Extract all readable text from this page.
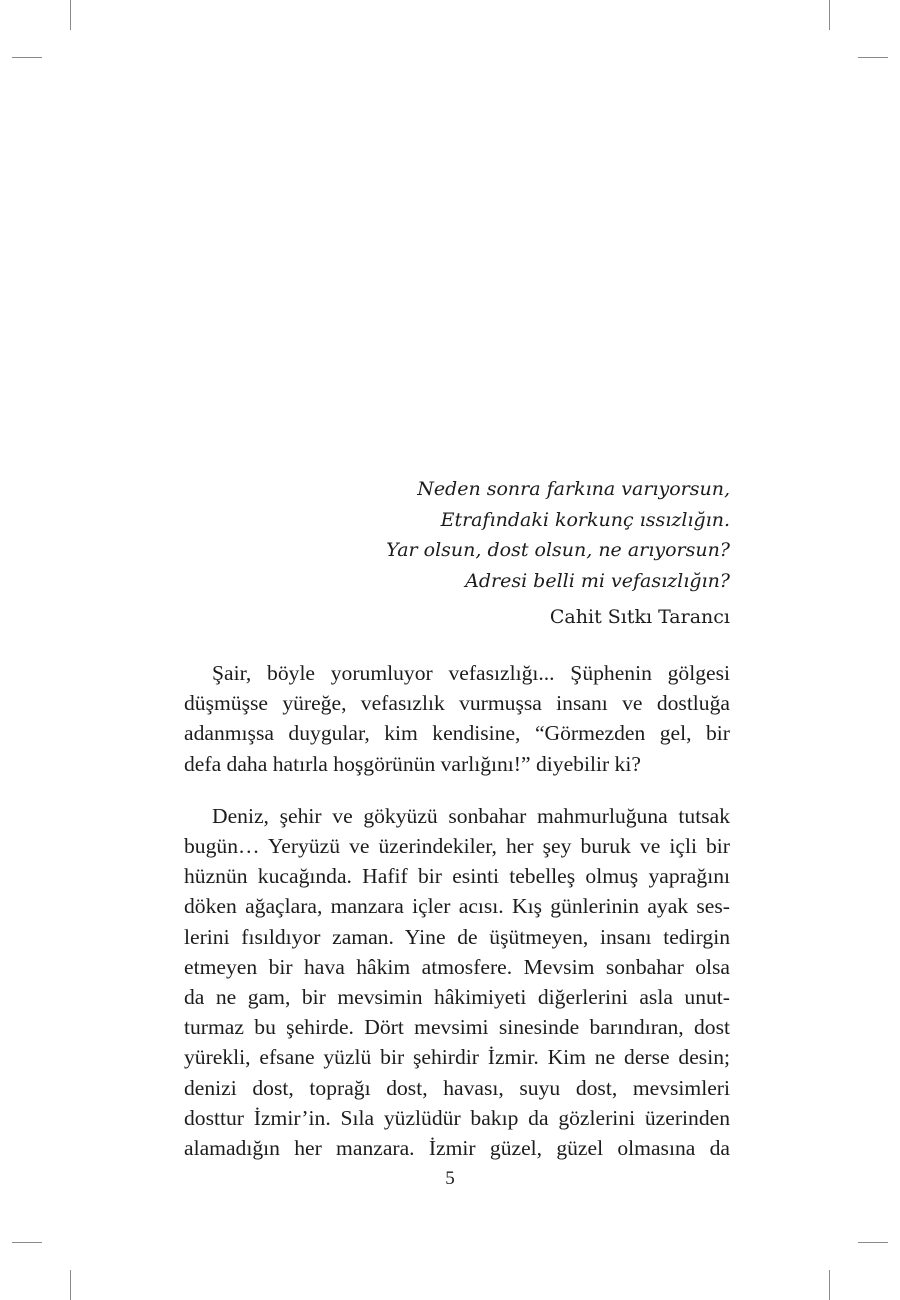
Neden sonra farkına varıyorsun,
Etrafındaki korkunç ıssızlığın.
Yar olsun, dost olsun, ne arıyorsun?
Adresi belli mi vefasızlığın?
Cahit Sıtkı Tarancı

Şair, böyle yorumluyor vefasızlığı... Şüphenin gölgesi
düşmüşse yüreğe, vefasızlık vurmuşsa insanı ve dostluğa
adanmışsa duygular, kim kendisine, “Görmezden gel, bir
defa daha hatırla hoşgörünün varlığını!” diyebilir ki?

Deniz, şehir ve gökyüzü sonbahar mahmurluğuna tutsak
bugün… Yeryüzü ve üzerindekiler, her şey buruk ve içli bir
hüznün kucağında. Hafif bir esinti tebelleş olmuş yaprağını
döken ağaçlara, manzara içler acısı. Kış günlerinin ayak ses-
lerini fısıldıyor zaman. Yine de üşütmeyen, insanı tedirgin
etmeyen bir hava hâkim atmosfere. Mevsim sonbahar olsa
da ne gam, bir mevsimin hâkimiyeti diğerlerini asla unut-
turmaz bu şehirde. Dört mevsimi sinesinde barındıran, dost
yürekli, efsane yüzlü bir şehirdir İzmir. Kim ne derse desin;
denizi dost, toprağı dost, havası, suyu dost, mevsimleri
dosttur İzmir’in. Sıla yüzlüdür bakıp da gözlerini üzerinden
alamadığın her manzara. İzmir güzel, güzel olmasına da

5
